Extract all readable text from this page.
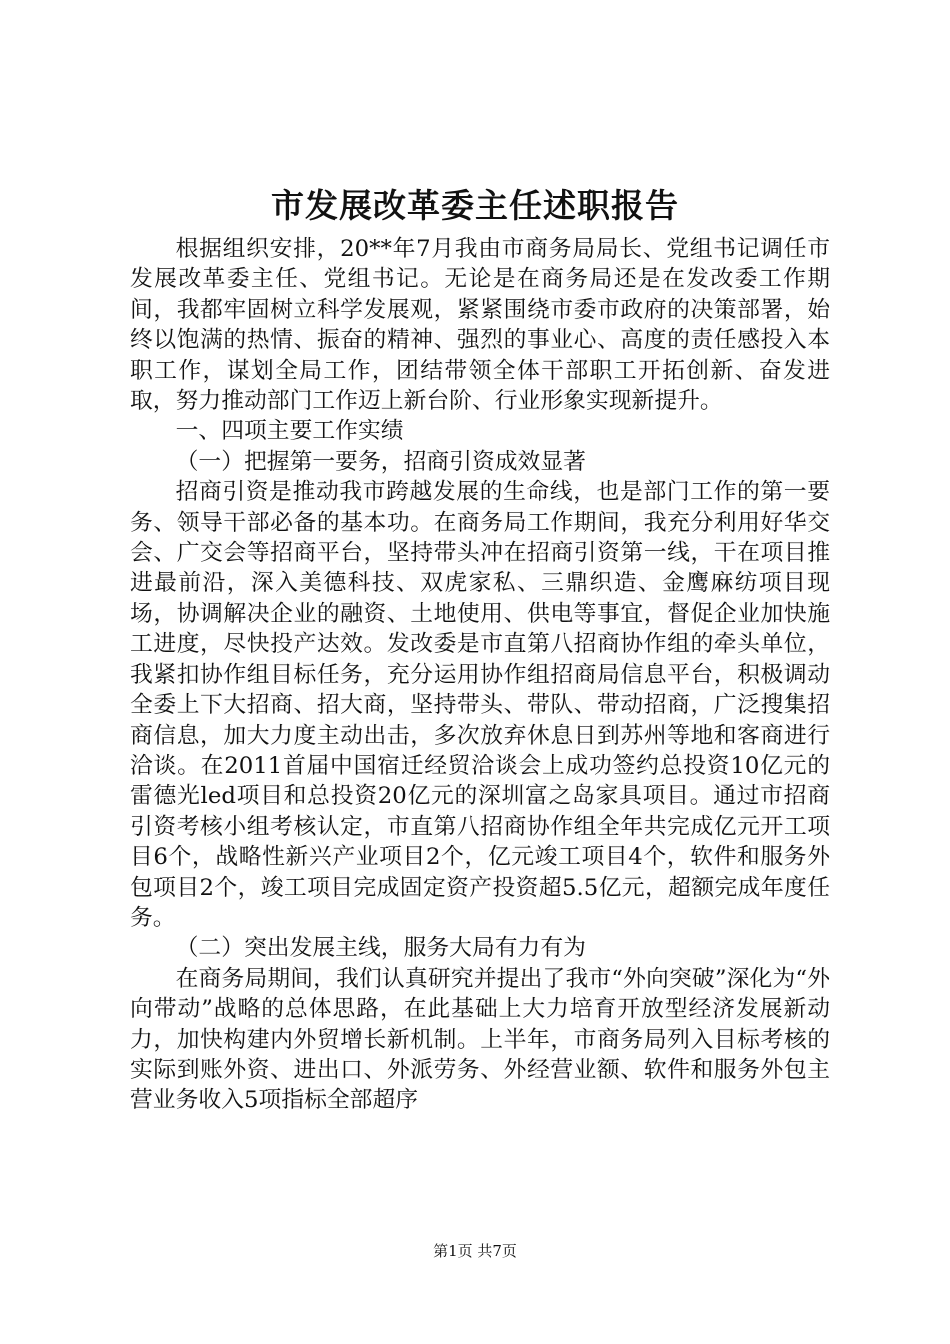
市发展改革委主任述职报告

根据组织安排，20**年7月我由市商务局局长、党组书记调任市发展改革委主任、党组书记。无论是在商务局还是在发改委工作期间，我都牢固树立科学发展观，紧紧围绕市委市政府的决策部署，始终以饱满的热情、振奋的精神、强烈的事业心、高度的责任感投入本职工作，谋划全局工作，团结带领全体干部职工开拓创新、奋发进取，努力推动部门工作迈上新台阶、行业形象实现新提升。

一、四项主要工作实绩

（一）把握第一要务，招商引资成效显著

招商引资是推动我市跨越发展的生命线，也是部门工作的第一要务、领导干部必备的基本功。在商务局工作期间，我充分利用好华交会、广交会等招商平台，坚持带头冲在招商引资第一线，干在项目推进最前沿，深入美德科技、双虎家私、三鼎织造、金鹰麻纺项目现场，协调解决企业的融资、土地使用、供电等事宜，督促企业加快施工进度，尽快投产达效。发改委是市直第八招商协作组的牵头单位，我紧扣协作组目标任务，充分运用协作组招商局信息平台，积极调动全委上下大招商、招大商，坚持带头、带队、带动招商，广泛搜集招商信息，加大力度主动出击，多次放弃休息日到苏州等地和客商进行洽谈。在2011首届中国宿迁经贸洽谈会上成功签约总投资10亿元的雷德光led项目和总投资20亿元的深圳富之岛家具项目。通过市招商引资考核小组考核认定，市直第八招商协作组全年共完成亿元开工项目6个，战略性新兴产业项目2个，亿元竣工项目4个，软件和服务外包项目2个，竣工项目完成固定资产投资超5.5亿元，超额完成年度任务。

（二）突出发展主线，服务大局有力有为

在商务局期间，我们认真研究并提出了我市“外向突破”深化为“外向带动”战略的总体思路，在此基础上大力培育开放型经济发展新动力，加快构建内外贸增长新机制。上半年，市商务局列入目标考核的实际到账外资、进出口、外派劳务、外经营业额、软件和服务外包主营业务收入5项指标全部超序

第1页 共7页
